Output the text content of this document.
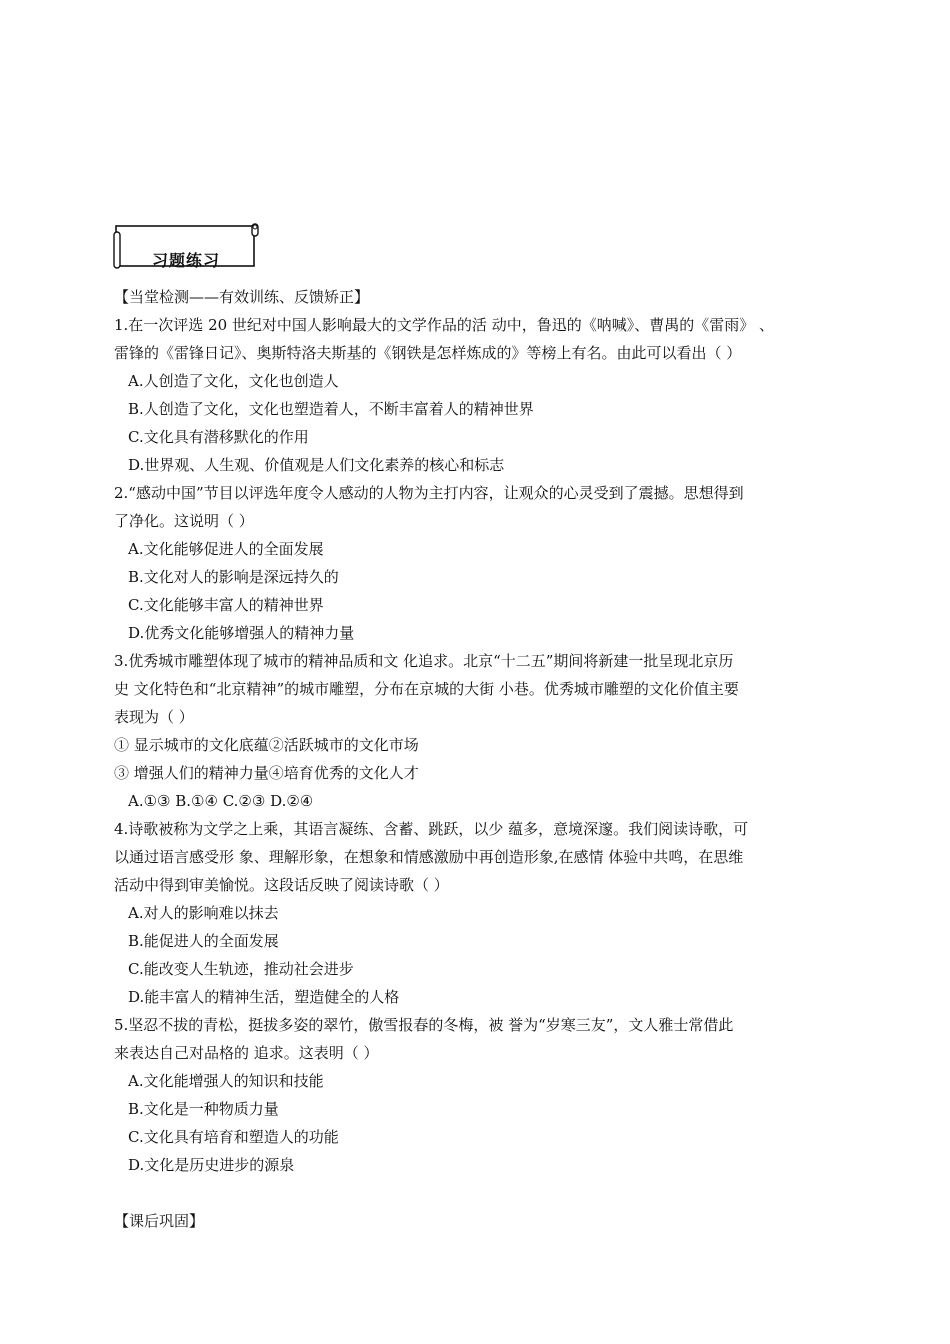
习题练习
【当堂检测——有效训练、反馈矫正】
1.在一次评选 20 世纪对中国人影响最大的文学作品的活 动中，鲁迅的《呐喊》、曹禺的《雷雨》 、
雷锋的《雷锋日记》、奥斯特洛夫斯基的《钢铁是怎样炼成的》等榜上有名。由此可以看出（ ）
A.人创造了文化，文化也创造人
B.人创造了文化，文化也塑造着人，不断丰富着人的精神世界
C.文化具有潜移默化的作用
D.世界观、人生观、价值观是人们文化素养的核心和标志
2.“感动中国”节目以评选年度令人感动的人物为主打内容，让观众的心灵受到了震撼。思想得到
了净化。这说明（ ）
A.文化能够促进人的全面发展
B.文化对人的影响是深远持久的
C.文化能够丰富人的精神世界
D.优秀文化能够增强人的精神力量
3.优秀城市雕塑体现了城市的精神品质和文 化追求。北京“十二五”期间将新建一批呈现北京历
史 文化特色和“北京精神”的城市雕塑，分布在京城的大街 小巷。优秀城市雕塑的文化价值主要
表现为（ ）
① 显示城市的文化底蕴②活跃城市的文化市场
③ 增强人们的精神力量④培育优秀的文化人才
A.①③ B.①④ C.②③ D.②④
4.诗歌被称为文学之上乘，其语言凝练、含蓄、跳跃，以少 蕴多，意境深邃。我们阅读诗歌，可
以通过语言感受形 象、理解形象，在想象和情感激励中再创造形象,在感情 体验中共鸣，在思维
活动中得到审美愉悦。这段话反映了阅读诗歌（ ）
A.对人的影响难以抹去
B.能促进人的全面发展
C.能改变人生轨迹，推动社会进步
D.能丰富人的精神生活，塑造健全的人格
5.坚忍不拔的青松，挺拔多姿的翠竹，傲雪报春的冬梅，被 誉为“岁寒三友”，文人雅士常借此
来表达自己对品格的 追求。这表明（ ）
A.文化能增强人的知识和技能
B.文化是一种物质力量
C.文化具有培育和塑造人的功能
D.文化是历史进步的源泉
【课后巩固】
